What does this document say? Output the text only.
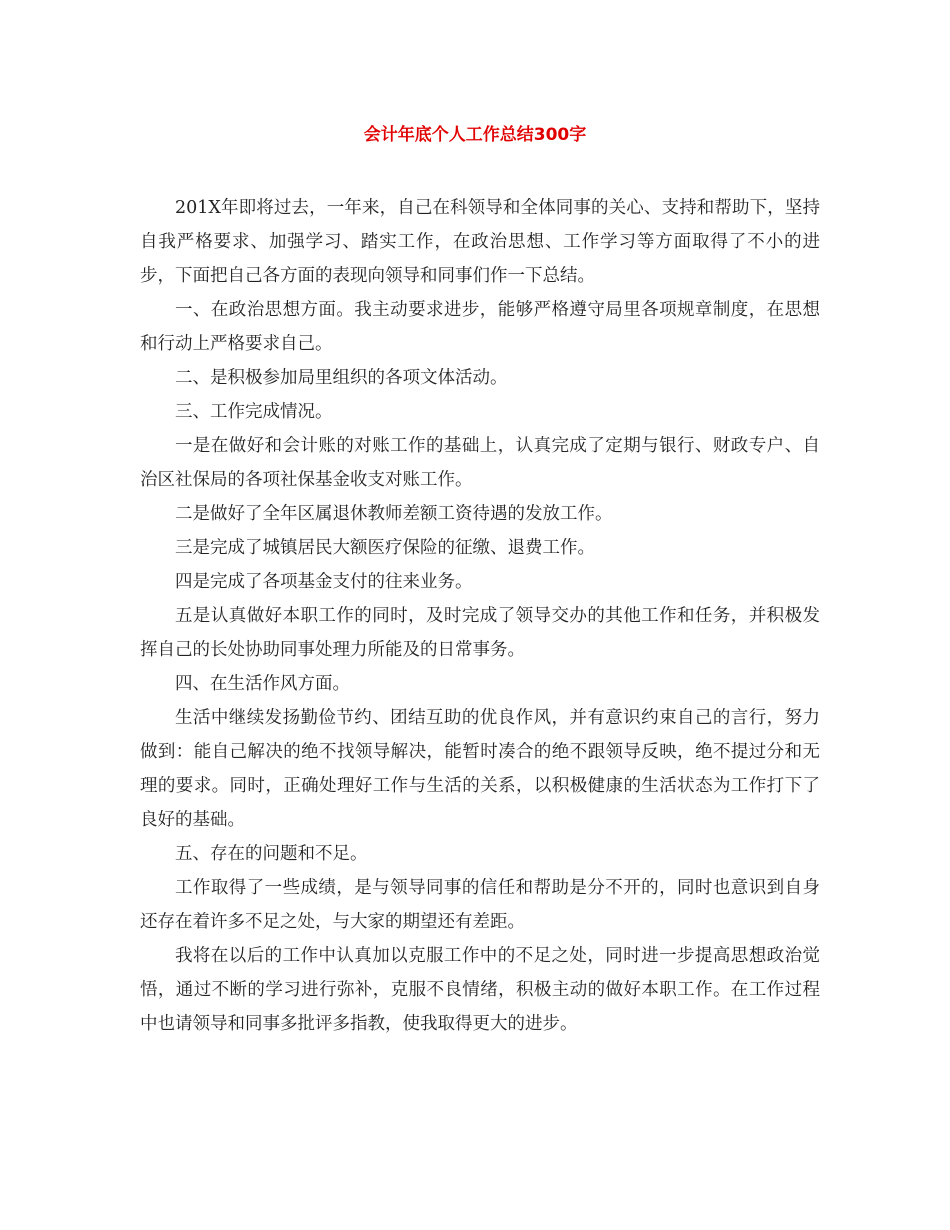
会计年底个人工作总结300字

201X年即将过去，一年来，自己在科领导和全体同事的关心、支持和帮助下，坚持自我严格要求、加强学习、踏实工作，在政治思想、工作学习等方面取得了不小的进步，下面把自己各方面的表现向领导和同事们作一下总结。

一、在政治思想方面。我主动要求进步，能够严格遵守局里各项规章制度，在思想和行动上严格要求自己。

二、是积极参加局里组织的各项文体活动。

三、工作完成情况。

一是在做好和会计账的对账工作的基础上，认真完成了定期与银行、财政专户、自治区社保局的各项社保基金收支对账工作。

二是做好了全年区属退休教师差额工资待遇的发放工作。

三是完成了城镇居民大额医疗保险的征缴、退费工作。

四是完成了各项基金支付的往来业务。

五是认真做好本职工作的同时，及时完成了领导交办的其他工作和任务，并积极发挥自己的长处协助同事处理力所能及的日常事务。

四、在生活作风方面。

生活中继续发扬勤俭节约、团结互助的优良作风，并有意识约束自己的言行，努力做到：能自己解决的绝不找领导解决，能暂时凑合的绝不跟领导反映，绝不提过分和无理的要求。同时，正确处理好工作与生活的关系，以积极健康的生活状态为工作打下了良好的基础。

五、存在的问题和不足。

工作取得了一些成绩，是与领导同事的信任和帮助是分不开的，同时也意识到自身还存在着许多不足之处，与大家的期望还有差距。

我将在以后的工作中认真加以克服工作中的不足之处，同时进一步提高思想政治觉悟，通过不断的学习进行弥补，克服不良情绪，积极主动的做好本职工作。在工作过程中也请领导和同事多批评多指教，使我取得更大的进步。
